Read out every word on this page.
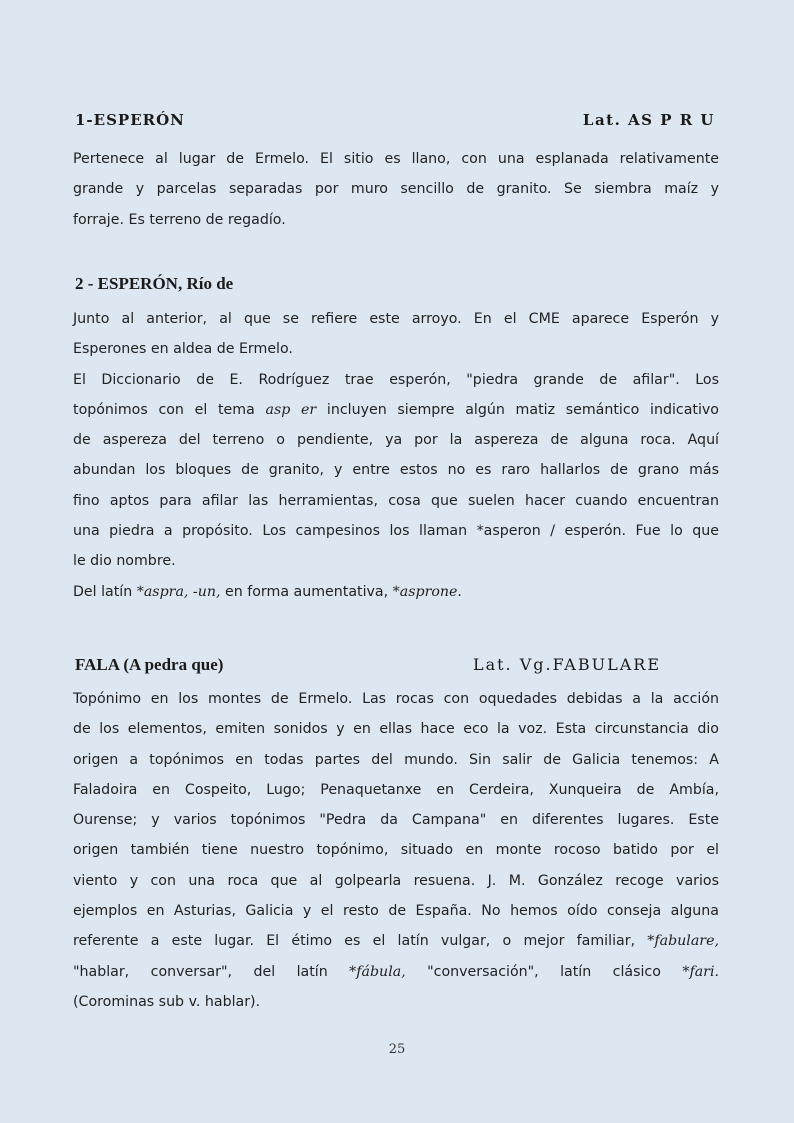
1-ESPERÓN	Lat. AS P R U
Pertenece al lugar de Ermelo. El sitio es llano, con una esplanada relativamente
grande y parcelas separadas por muro sencillo de granito. Se siembra maíz y
forraje. Es terreno de regadío.
2 - ESPERÓN, Río de
Junto al anterior, al que se refiere este arroyo. En el CME aparece Esperón y
Esperones en aldea de Ermelo.
El Diccionario de E. Rodríguez trae esperón, "piedra grande de afilar". Los
topónimos con el tema asp er incluyen siempre algún matiz semántico indicativo
de aspereza del terreno o pendiente, ya por la aspereza de alguna roca. Aquí
abundan los bloques de granito, y entre estos no es raro hallarlos de grano más
fino aptos para afilar las herramientas, cosa que suelen hacer cuando encuentran
una piedra a propósito. Los campesinos los llaman *asperon / esperón. Fue lo que
le dio nombre.
Del latín *aspra, -un, en forma aumentativa, *asprone.
FALA (A pedra que)	Lat. Vg.FABULARE
Topónimo en los montes de Ermelo. Las rocas con oquedades debidas a la acción
de los elementos, emiten sonidos y en ellas hace eco la voz. Esta circunstancia dio
origen a topónimos en todas partes del mundo. Sin salir de Galicia tenemos: A
Faladoira en Cospeito, Lugo; Penaquetanxe en Cerdeira, Xunqueira de Ambía,
Ourense; y varios topónimos "Pedra da Campana" en diferentes lugares. Este
origen también tiene nuestro topónimo, situado en monte rocoso batido por el
viento y con una roca que al golpearla resuena. J. M. González recoge varios
ejemplos en Asturias, Galicia y el resto de España. No hemos oído conseja alguna
referente a este lugar. El étimo es el latín vulgar, o mejor familiar, *fabulare,
"hablar, conversar", del latín *fábula, "conversación", latín clásico *fari.
(Corominas sub v. hablar).
25
